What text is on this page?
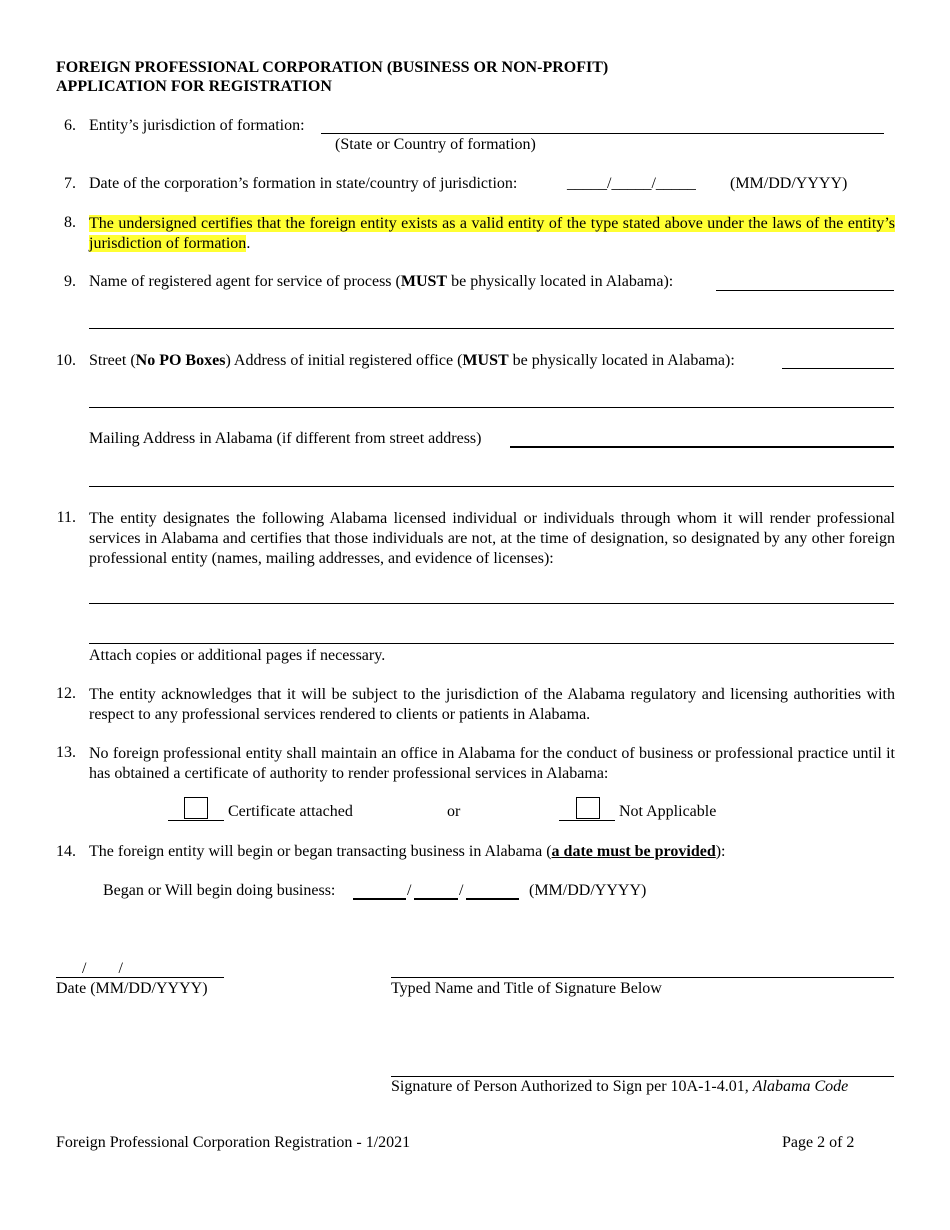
FOREIGN PROFESSIONAL CORPORATION (BUSINESS OR NON-PROFIT)
APPLICATION FOR REGISTRATION
6. Entity’s jurisdiction of formation:
(State or Country of formation)
7. Date of the corporation’s formation in state/country of jurisdiction:	_____/_____/_____ (MM/DD/YYYY)
8. The undersigned certifies that the foreign entity exists as a valid entity of the type stated above under the laws of the entity’s jurisdiction of formation.
9. Name of registered agent for service of process (MUST be physically located in Alabama):
10. Street (No PO Boxes) Address of initial registered office (MUST be physically located in Alabama):
Mailing Address in Alabama (if different from street address)
11. The entity designates the following Alabama licensed individual or individuals through whom it will render professional services in Alabama and certifies that those individuals are not, at the time of designation, so designated by any other foreign professional entity (names, mailing addresses, and evidence of licenses):
Attach copies or additional pages if necessary.
12. The entity acknowledges that it will be subject to the jurisdiction of the Alabama regulatory and licensing authorities with respect to any professional services rendered to clients or patients in Alabama.
13. No foreign professional entity shall maintain an office in Alabama for the conduct of business or professional practice until it has obtained a certificate of authority to render professional services in Alabama:
Certificate attached	or	Not Applicable
14. The foreign entity will begin or began transacting business in Alabama (a date must be provided):
Began or Will begin doing business:	/	/	(MM/DD/YYYY)
/ /
Date (MM/DD/YYYY)	Typed Name and Title of Signature Below
Signature of Person Authorized to Sign per 10A-1-4.01, Alabama Code
Foreign Professional Corporation Registration - 1/2021	Page 2 of 2
